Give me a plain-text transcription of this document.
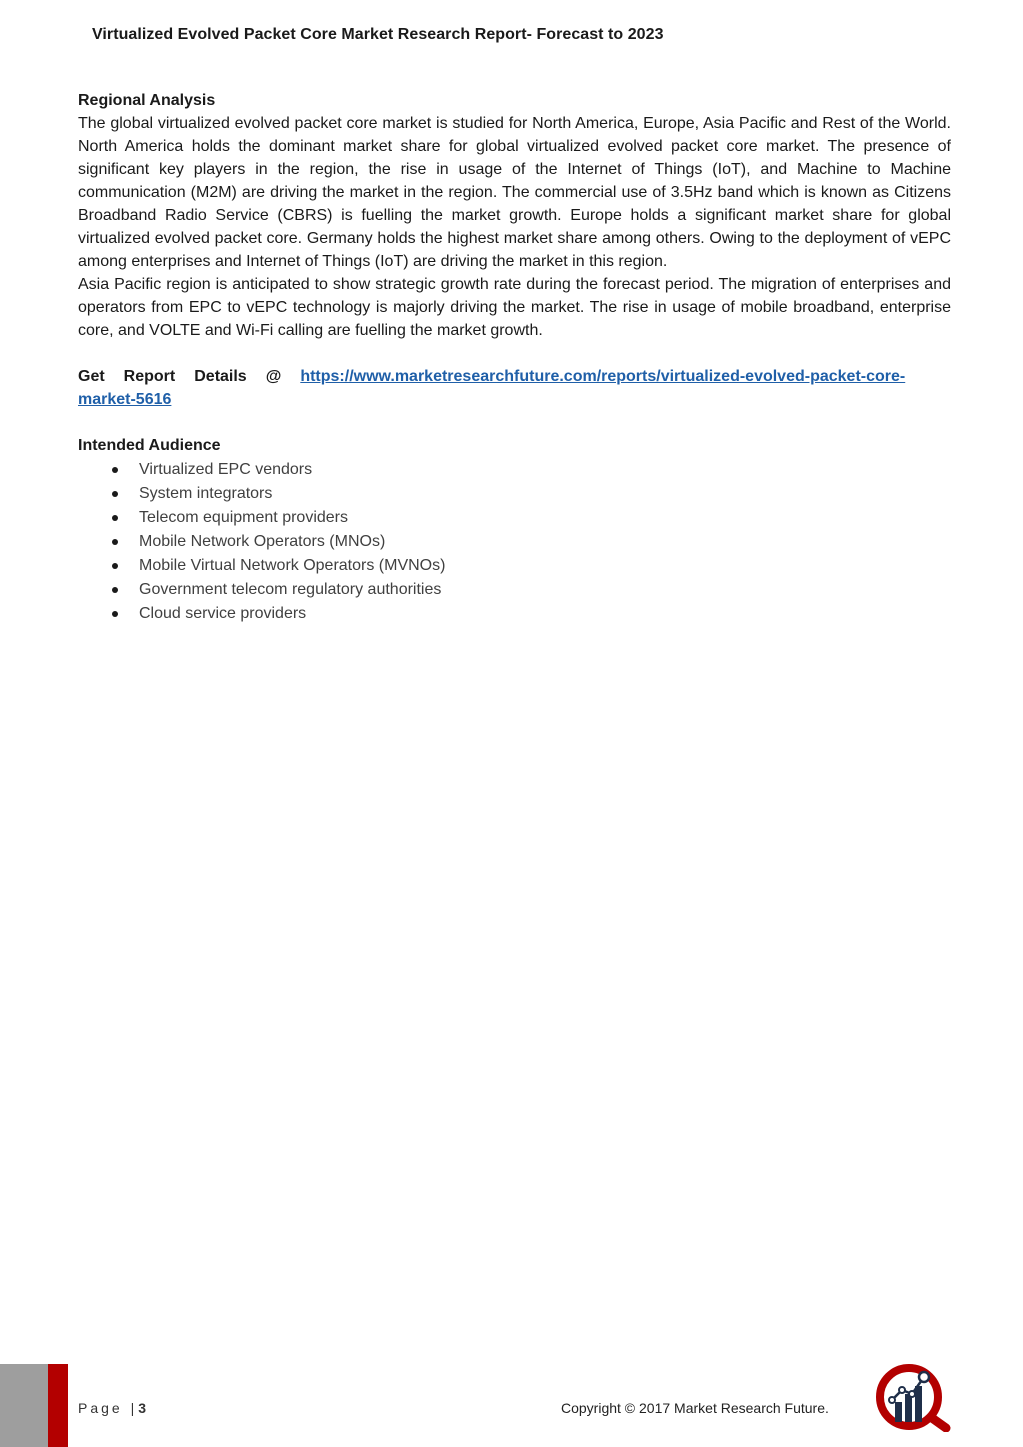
Virtualized Evolved Packet Core Market Research Report- Forecast to 2023

Regional Analysis

The global virtualized evolved packet core market is studied for North America, Europe, Asia Pacific and Rest of the World. North America holds the dominant market share for global virtualized evolved packet core market. The presence of significant key players in the region, the rise in usage of the Internet of Things (IoT), and Machine to Machine communication (M2M) are driving the market in the region. The commercial use of 3.5Hz band which is known as Citizens Broadband Radio Service (CBRS) is fuelling the market growth. Europe holds a significant market share for global virtualized evolved packet core. Germany holds the highest market share among others. Owing to the deployment of vEPC among enterprises and Internet of Things (IoT) are driving the market in this region.

Asia Pacific region is anticipated to show strategic growth rate during the forecast period. The migration of enterprises and operators from EPC to vEPC technology is majorly driving the market. The rise in usage of mobile broadband, enterprise core, and VOLTE and Wi-Fi calling are fuelling the market growth.

Get Report Details @ https://www.marketresearchfuture.com/reports/virtualized-evolved-packet-core-market-5616

Intended Audience

Virtualized EPC vendors
System integrators
Telecom equipment providers
Mobile Network Operators (MNOs)
Mobile Virtual Network Operators (MVNOs)
Government telecom regulatory authorities
Cloud service providers
Page | 3	Copyright © 2017 Market Research Future.
